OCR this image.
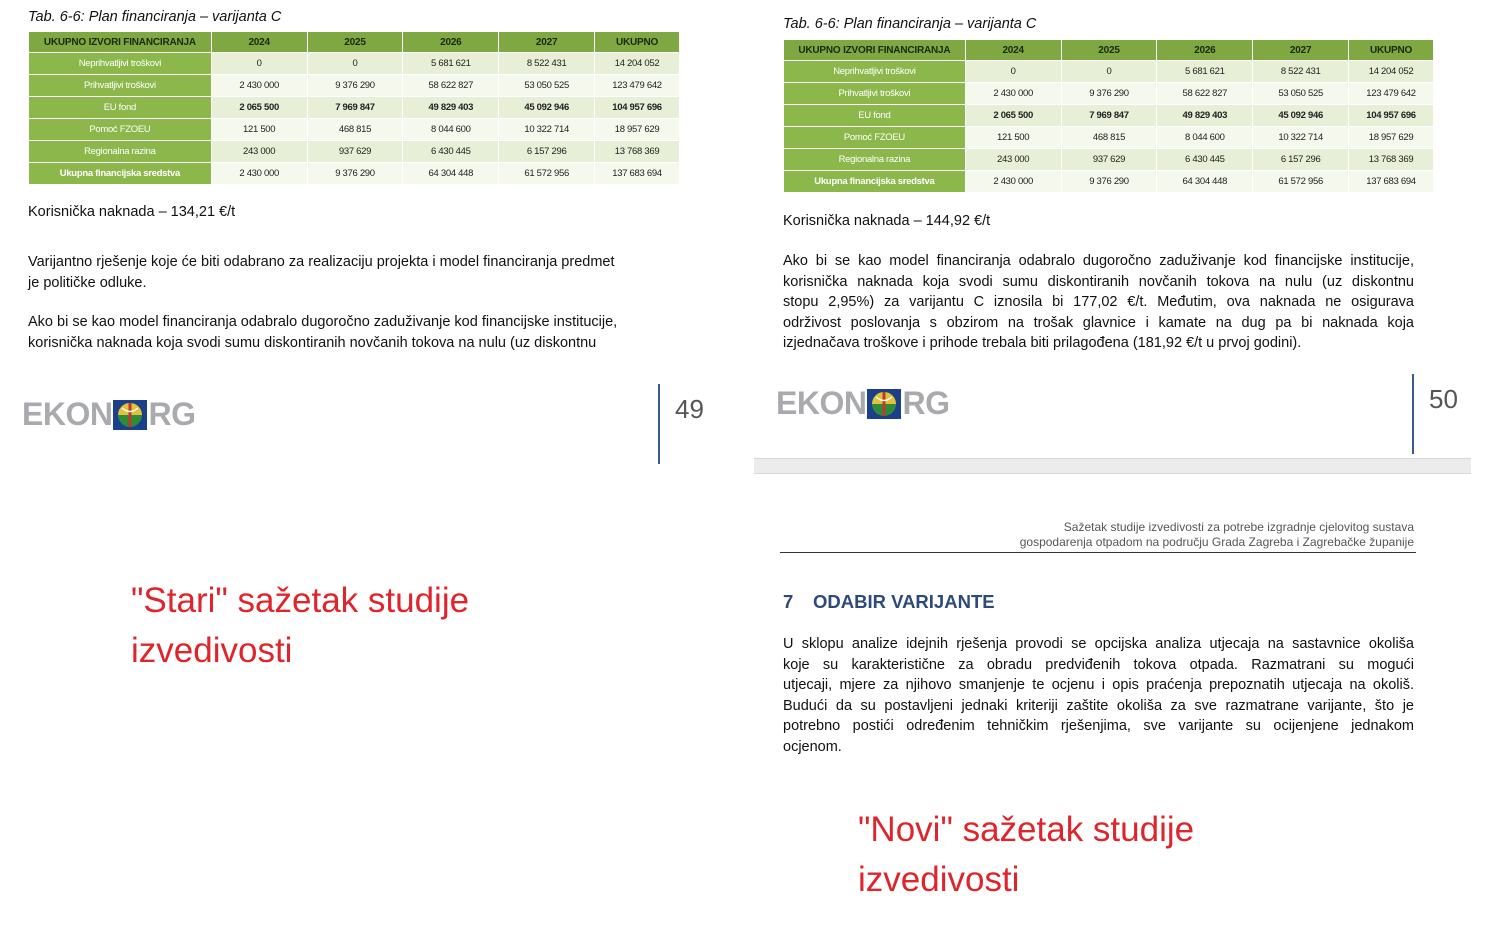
Tab. 6-6: Plan financiranja – varijanta C
UKUPNO IZVORI FINANCIRANJA	2024	2025	2026	2027	UKUPNO
Neprihvatljivi troškovi	0	0	5 681 621	8 522 431	14 204 052
Prihvatljivi troškovi	2 430 000	9 376 290	58 622 827	53 050 525	123 479 642
EU fond	2 065 500	7 969 847	49 829 403	45 092 946	104 957 696
Pomoć FZOEU	121 500	468 815	8 044 600	10 322 714	18 957 629
Regionalna razina	243 000	937 629	6 430 445	6 157 296	13 768 369
Ukupna financijska sredstva	2 430 000	9 376 290	64 304 448	61 572 956	137 683 694
Korisnička naknada – 134,21 €/t
Varijantno rješenje koje će biti odabrano za realizaciju projekta i model financiranja predmet
je političke odluke.
Ako bi se kao model financiranja odabralo dugoročno zaduživanje kod financijske institucije,
korisnička naknada koja svodi sumu diskontiranih novčanih tokova na nulu (uz diskontnu
EKON RG	49
Tab. 6-6: Plan financiranja – varijanta C
UKUPNO IZVORI FINANCIRANJA	2024	2025	2026	2027	UKUPNO
Neprihvatljivi troškovi	0	0	5 681 621	8 522 431	14 204 052
Prihvatljivi troškovi	2 430 000	9 376 290	58 622 827	53 050 525	123 479 642
EU fond	2 065 500	7 969 847	49 829 403	45 092 946	104 957 696
Pomoć FZOEU	121 500	468 815	8 044 600	10 322 714	18 957 629
Regionalna razina	243 000	937 629	6 430 445	6 157 296	13 768 369
Ukupna financijska sredstva	2 430 000	9 376 290	64 304 448	61 572 956	137 683 694
Korisnička naknada – 144,92 €/t
Ako bi se kao model financiranja odabralo dugoročno zaduživanje kod financijske institucije,
korisnička naknada koja svodi sumu diskontiranih novčanih tokova na nulu (uz diskontnu
stopu 2,95%) za varijantu C iznosila bi 177,02 €/t. Međutim, ova naknada ne osigurava
održivost poslovanja s obzirom na trošak glavnice i kamate na dug pa bi naknada koja
izjednačava troškove i prihode trebala biti prilagođena (181,92 €/t u prvoj godini).
EKON RG	50
Sažetak studije izvedivosti za potrebe izgradnje cjelovitog sustava
gospodarenja otpadom na području Grada Zagreba i Zagrebačke županije
7 ODABIR VARIJANTE
U sklopu analize idejnih rješenja provodi se opcijska analiza utjecaja na sastavnice okoliša
koje su karakteristične za obradu predviđenih tokova otpada. Razmatrani su mogući
utjecaji, mjere za njihovo smanjenje te ocjenu i opis praćenja prepoznatih utjecaja na okoliš.
Budući da su postavljeni jednaki kriteriji zaštite okoliša za sve razmatrane varijante, što je
potrebno postići određenim tehničkim rješenjima, sve varijante su ocijenjene jednakom
ocjenom.
"Stari" sažetak studije
izvedivosti
"Novi" sažetak studije
izvedivosti
